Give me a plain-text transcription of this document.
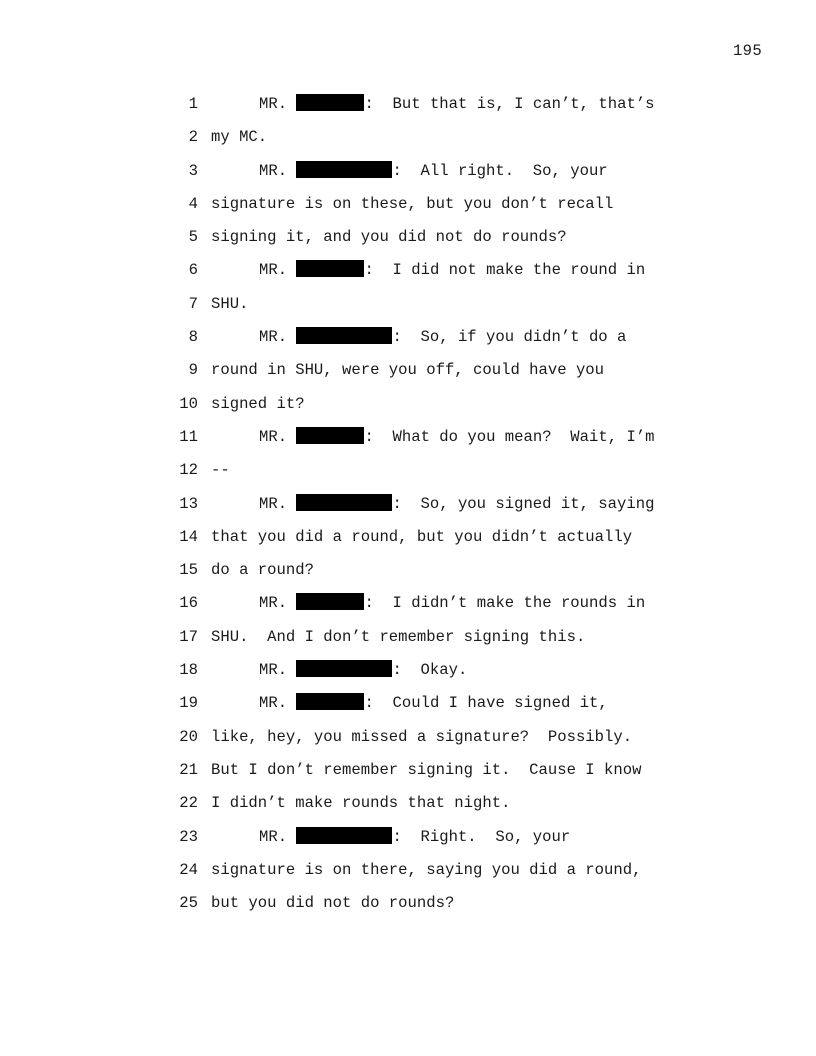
195
1	MR.	:  But that is, I can’t, that’s
2 my MC.
3	MR.	:  All right.  So, your
4 signature is on these, but you don’t recall
5 signing it, and you did not do rounds?
6	MR.	:  I did not make the round in
7 SHU.
8	MR.	:  So, if you didn’t do a
9 round in SHU, were you off, could have you
10 signed it?
11	MR.	:  What do you mean?  Wait, I’m
12 --
13	MR.	:  So, you signed it, saying
14 that you did a round, but you didn’t actually
15 do a round?
16	MR.	:  I didn’t make the rounds in
17 SHU.  And I don’t remember signing this.
18	MR.	:  Okay.
19	MR.	:  Could I have signed it,
20 like, hey, you missed a signature?  Possibly.
21 But I don’t remember signing it.  Cause I know
22 I didn’t make rounds that night.
23	MR.	:  Right.  So, your
24 signature is on there, saying you did a round,
25 but you did not do rounds?
